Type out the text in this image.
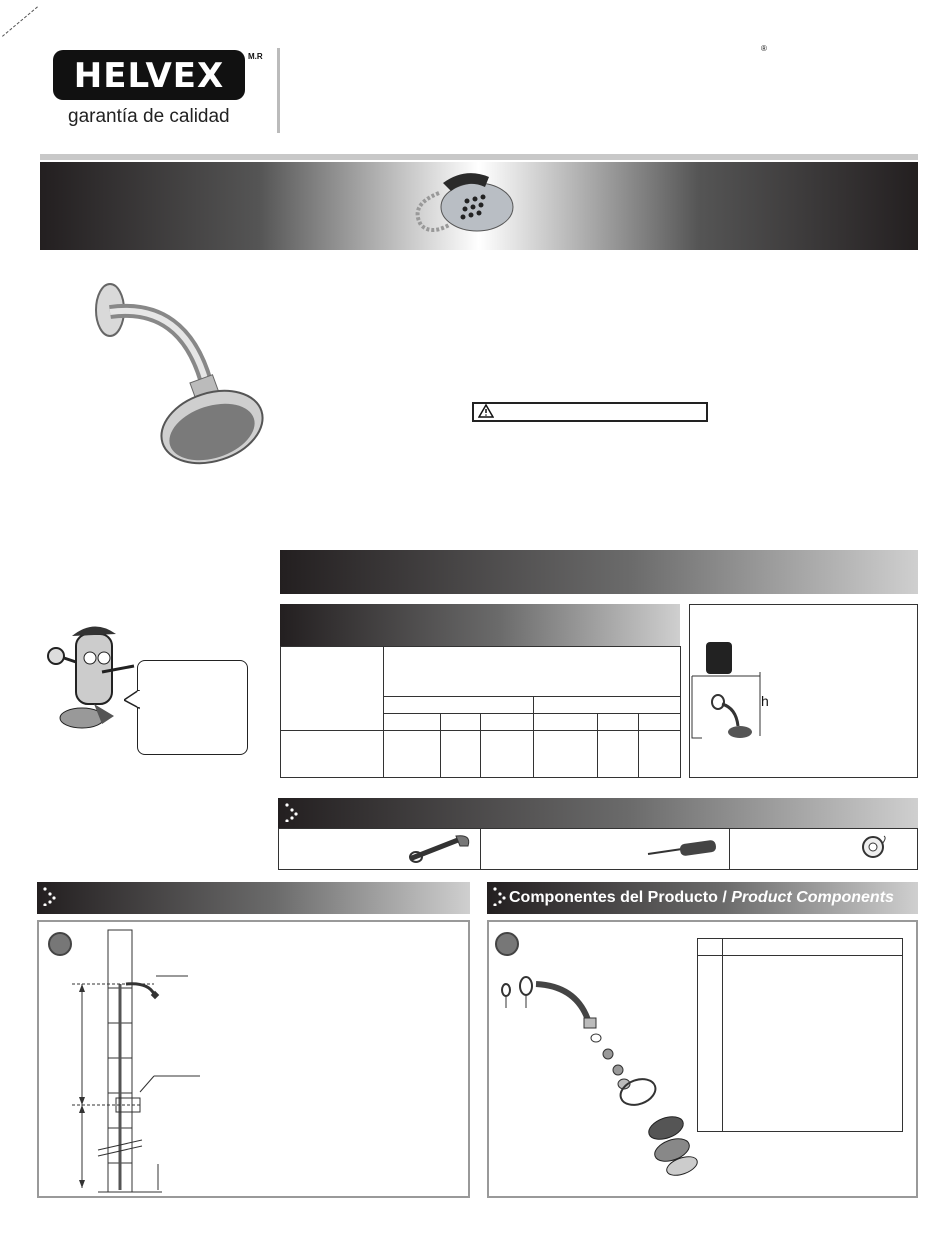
HELVEX	M.R
garantía de calidad
®
h
Componentes del Producto / Product Components
